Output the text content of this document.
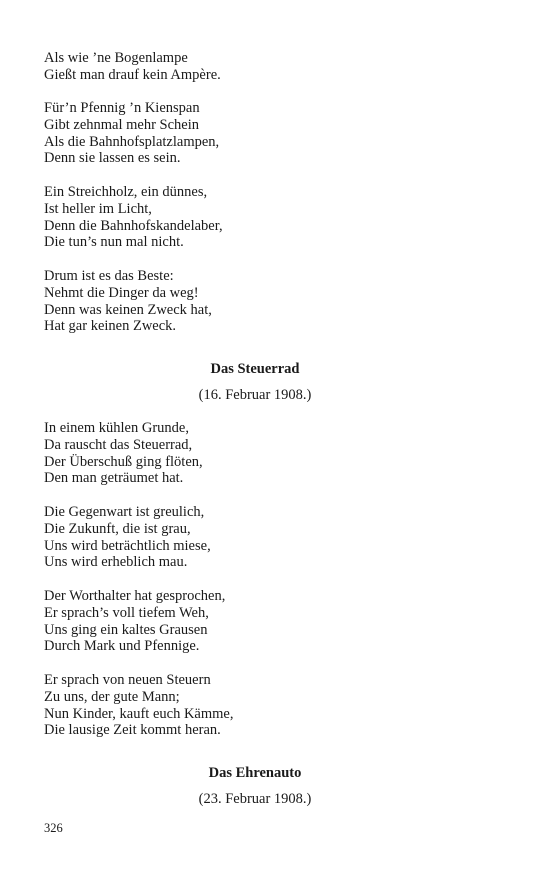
Als wie ’ne Bogenlampe
Gießt man drauf kein Ampère.
Für’n Pfennig ’n Kienspan
Gibt zehnmal mehr Schein
Als die Bahnhofsplatzlampen,
Denn sie lassen es sein.
Ein Streichholz, ein dünnes,
Ist heller im Licht,
Denn die Bahnhofskandelaber,
Die tun’s nun mal nicht.
Drum ist es das Beste:
Nehmt die Dinger da weg!
Denn was keinen Zweck hat,
Hat gar keinen Zweck.
Das Steuerrad
(16. Februar 1908.)
In einem kühlen Grunde,
Da rauscht das Steuerrad,
Der Überschuß ging flöten,
Den man geträumet hat.
Die Gegenwart ist greulich,
Die Zukunft, die ist grau,
Uns wird beträchtlich miese,
Uns wird erheblich mau.
Der Worthalter hat gesprochen,
Er sprach’s voll tiefem Weh,
Uns ging ein kaltes Grausen
Durch Mark und Pfennige.
Er sprach von neuen Steuern
Zu uns, der gute Mann;
Nun Kinder, kauft euch Kämme,
Die lausige Zeit kommt heran.
Das Ehrenauto
(23. Februar 1908.)
326
